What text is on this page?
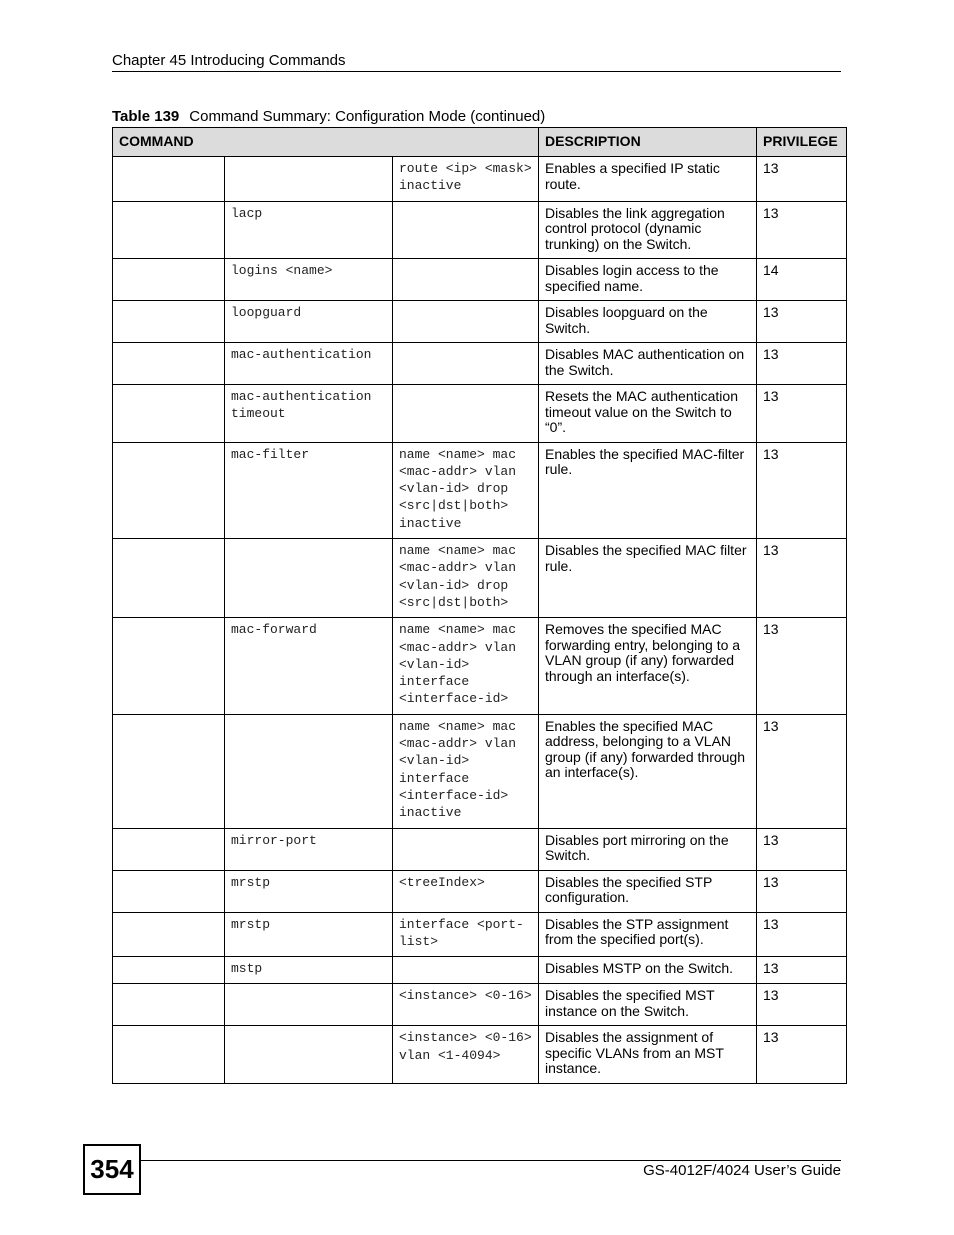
Chapter 45 Introducing Commands
Table 139 Command Summary: Configuration Mode (continued)
COMMAND			DESCRIPTION	PRIVILEGE
		route <ip> <mask> inactive	Enables a specified IP static route.	13
	lacp		Disables the link aggregation control protocol (dynamic trunking) on the Switch.	13
	logins <name>		Disables login access to the specified name.	14
	loopguard		Disables loopguard on the Switch.	13
	mac-authentication		Disables MAC authentication on the Switch.	13
	mac-authentication timeout		Resets the MAC authentication timeout value on the Switch to “0”.	13
	mac-filter	name <name> mac <mac-addr> vlan <vlan-id> drop <src|dst|both> inactive	Enables the specified MAC-filter rule.	13
		name <name> mac <mac-addr> vlan <vlan-id> drop <src|dst|both>	Disables the specified MAC filter rule.	13
	mac-forward	name <name> mac <mac-addr> vlan <vlan-id> interface <interface-id>	Removes the specified MAC forwarding entry, belonging to a VLAN group (if any) forwarded through an interface(s).	13
		name <name> mac <mac-addr> vlan <vlan-id> interface <interface-id> inactive	Enables the specified MAC address, belonging to a VLAN group (if any) forwarded through an interface(s).	13
	mirror-port		Disables port mirroring on the Switch.	13
	mrstp	<treeIndex>	Disables the specified STP configuration.	13
	mrstp	interface <port-list>	Disables the STP assignment from the specified port(s).	13
	mstp		Disables MSTP on the Switch.	13
		<instance> <0-16>	Disables the specified MST instance on the Switch.	13
		<instance> <0-16> vlan <1-4094>	Disables the assignment of specific VLANs from an MST instance.	13
354	GS-4012F/4024 User’s Guide
